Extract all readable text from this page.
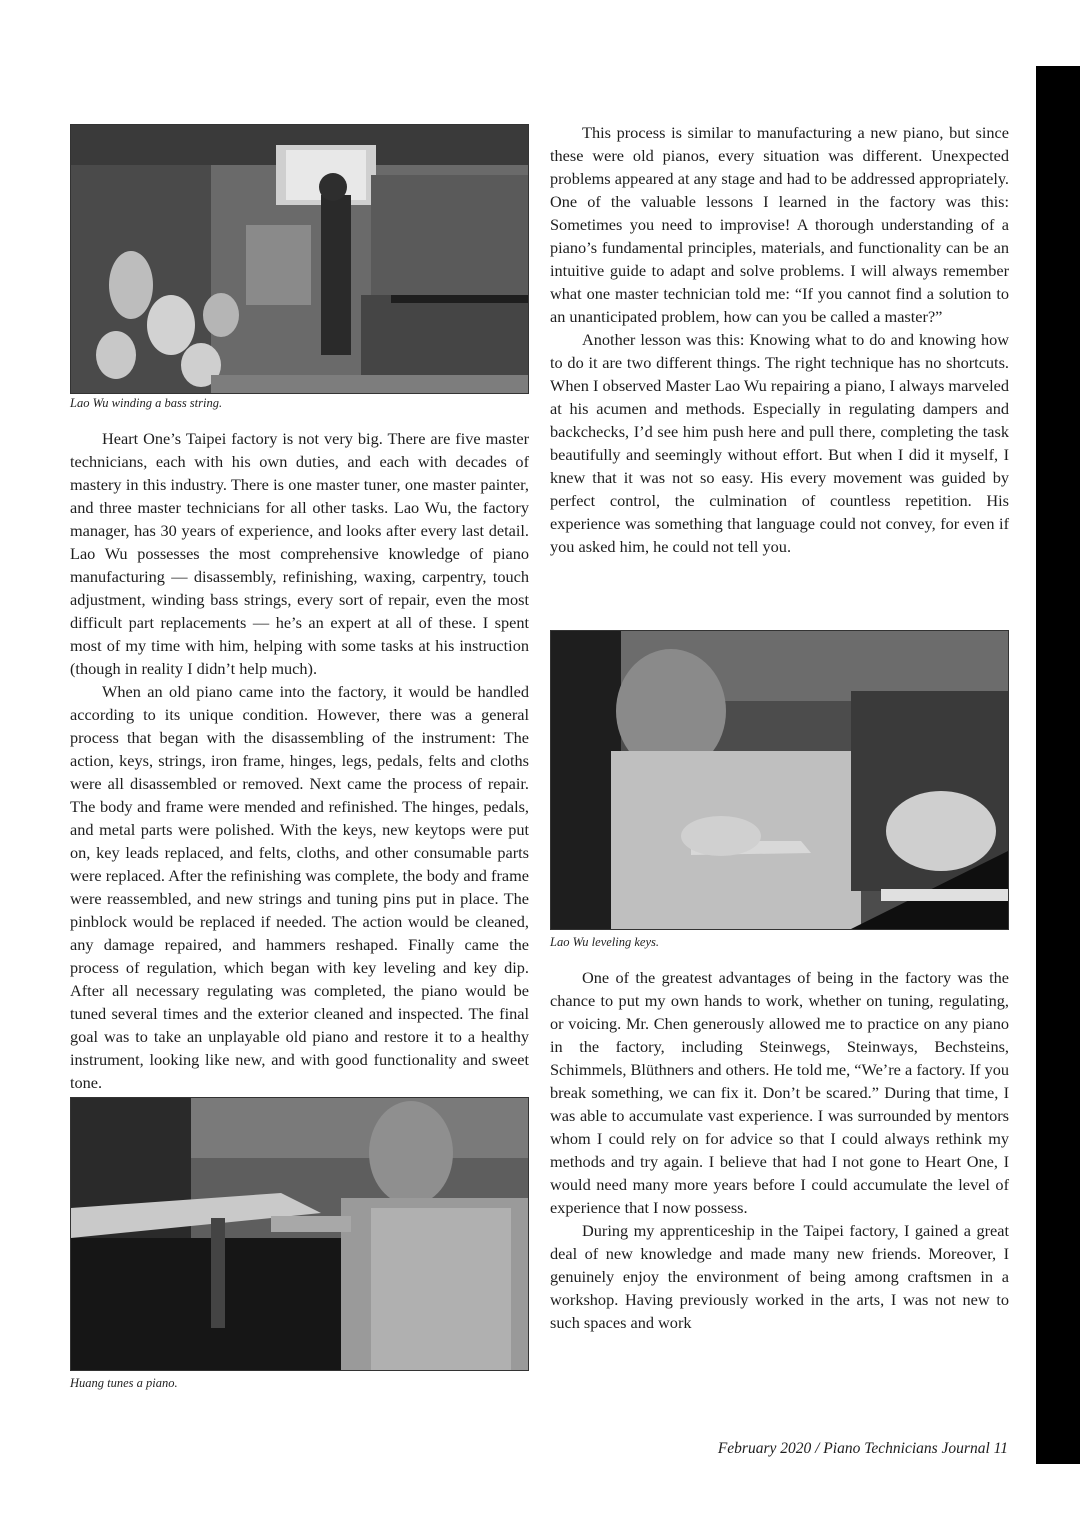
Lao Wu winding a bass string.

Heart One’s Taipei factory is not very big. There are five master technicians, each with his own duties, and each with decades of mastery in this industry. There is one master tuner, one master painter, and three master technicians for all other tasks. Lao Wu, the factory manager, has 30 years of experience, and looks after every last detail. Lao Wu possesses the most comprehensive knowledge of piano manufacturing — disassembly, refinishing, waxing, carpentry, touch adjustment, winding bass strings, every sort of repair, even the most difficult part replacements — he’s an expert at all of these. I spent most of my time with him, helping with some tasks at his instruction (though in reality I didn’t help much).

When an old piano came into the factory, it would be handled according to its unique condition. However, there was a general process that began with the disassembling of the instrument: The action, keys, strings, iron frame, hinges, legs, pedals, felts and cloths were all disassembled or removed. Next came the process of repair. The body and frame were mended and refinished. The hinges, pedals, and metal parts were polished. With the keys, new keytops were put on, key leads replaced, and felts, cloths, and other consumable parts were replaced. After the refinishing was complete, the body and frame were reassembled, and new strings and tuning pins put in place. The pinblock would be replaced if needed. The action would be cleaned, any damage repaired, and hammers reshaped. Finally came the process of regulation, which began with key leveling and key dip. After all necessary regulating was completed, the piano would be tuned several times and the exterior cleaned and inspected. The final goal was to take an unplayable old piano and restore it to a healthy instrument, looking like new, and with good functionality and sweet tone.

Huang tunes a piano.

This process is similar to manufacturing a new piano, but since these were old pianos, every situation was different. Unexpected problems appeared at any stage and had to be addressed appropriately. One of the valuable lessons I learned in the factory was this: Sometimes you need to improvise! A thorough understanding of a piano’s fundamental principles, materials, and functionality can be an intuitive guide to adapt and solve problems. I will always remember what one master technician told me: “If you cannot find a solution to an unanticipated problem, how can you be called a master?”

Another lesson was this: Knowing what to do and knowing how to do it are two different things. The right technique has no shortcuts. When I observed Master Lao Wu repairing a piano, I always marveled at his acumen and methods. Especially in regulating dampers and backchecks, I’d see him push here and pull there, completing the task beautifully and seemingly without effort. But when I did it myself, I knew that it was not so easy. His every movement was guided by perfect control, the culmination of countless repetition. His experience was something that language could not convey, for even if you asked him, he could not tell you.

Lao Wu leveling keys.

One of the greatest advantages of being in the factory was the chance to put my own hands to work, whether on tuning, regulating, or voicing. Mr. Chen generously allowed me to practice on any piano in the factory, including Steinwegs, Steinways, Bechsteins, Schimmels, Blüthners and others. He told me, “We’re a factory. If you break something, we can fix it. Don’t be scared.” During that time, I was able to accumulate vast experience. I was surrounded by mentors whom I could rely on for advice so that I could always rethink my methods and try again. I believe that had I not gone to Heart One, I would need many more years before I could accumulate the level of experience that I now possess.

During my apprenticeship in the Taipei factory, I gained a great deal of new knowledge and made many new friends. Moreover, I genuinely enjoy the environment of being among craftsmen in a workshop. Having previously worked in the arts, I was not new to such spaces and work

February 2020 / Piano Technicians Journal 11
